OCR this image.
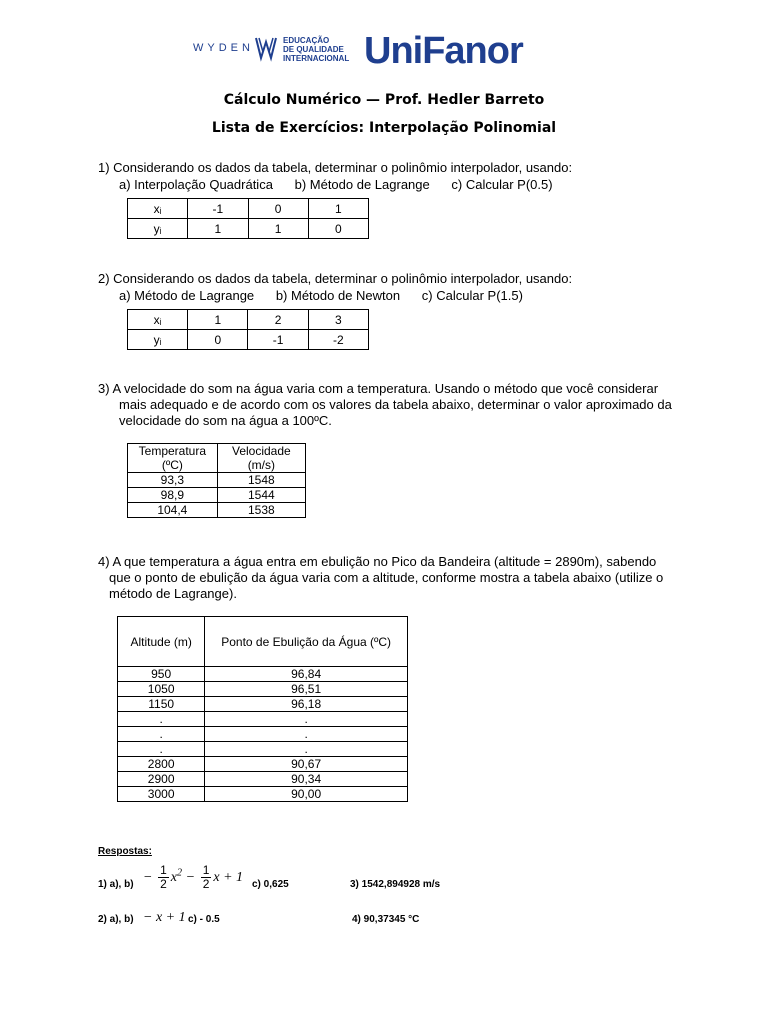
WYDEN
EDUCAÇÃO
DE QUALIDADE
INTERNACIONAL UniFanor
Cálculo Numérico — Prof. Hedler Barreto
Lista de Exercícios: Interpolação Polinomial
1) Considerando os dados da tabela, determinar o polinômio interpolador, usando:
a) Interpolação Quadrática      b) Método de Lagrange      c) Calcular P(0.5)
xᵢ	-1	0	1
yᵢ	1	1	0
2) Considerando os dados da tabela, determinar o polinômio interpolador, usando:
a) Método de Lagrange      b) Método de Newton      c) Calcular P(1.5)
xᵢ	1	2	3
yᵢ	0	-1	-2
3) A velocidade do som na água varia com a temperatura. Usando o método que você considerar
mais adequado e de acordo com os valores da tabela abaixo, determinar o valor aproximado da
velocidade do som na água a 100ºC.
Temperatura (ºC)	Velocidade (m/s)
93,3	1548
98,9	1544
104,4	1538
4) A que temperatura a água entra em ebulição no Pico da Bandeira (altitude = 2890m), sabendo
que o ponto de ebulição da água varia com a altitude, conforme mostra a tabela abaixo (utilize o
método de Lagrange).
Altitude (m)	Ponto de Ebulição da Água (ºC)
950	96,84
1050	96,51
1150	96,18
.	.
.	.
.	.
2800	90,67
2900	90,34
3000	90,00
Respostas:
1) a), $b) - \frac{1}{2} x^2 - \frac{1}{2}$ x + 1 c) 0,625	3) 1542,894928 m/s
2) a), b) − x + 1 c) - 0.5	4) 90,37345 °C
